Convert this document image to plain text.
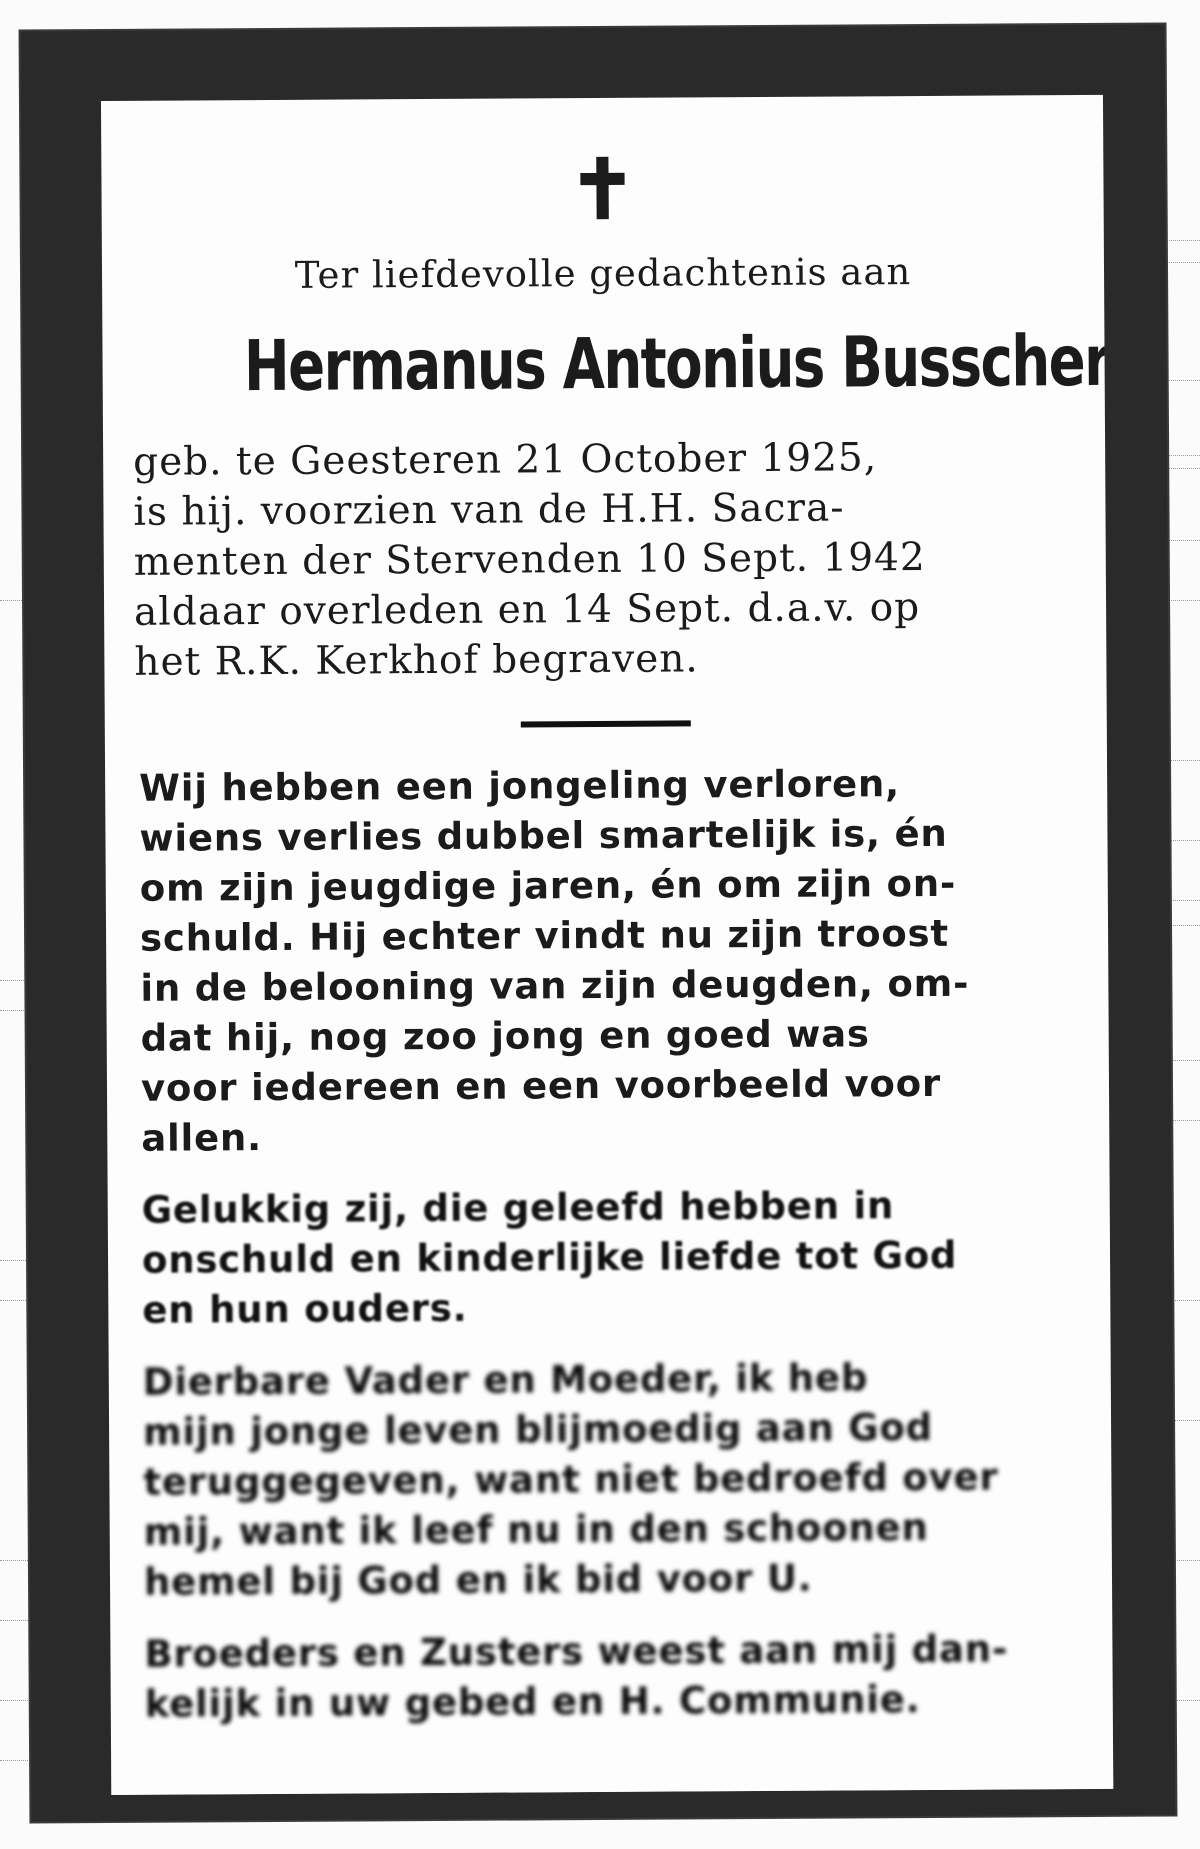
✝
Ter liefdevolle gedachtenis aan
Hermanus Antonius Busscher
geb. te Geesteren 21 October 1925,
is hij. voorzien van de H.H. Sacra-
menten der Stervenden 10 Sept. 1942
aldaar overleden en 14 Sept. d.a.v. op
het R.K. Kerkhof begraven.
Wij hebben een jongeling verloren,
wiens verlies dubbel smartelijk is, én
om zijn jeugdige jaren, én om zijn on-
schuld. Hij echter vindt nu zijn troost
in de belooning van zijn deugden, om-
dat hij, nog zoo jong en goed was
voor iedereen en een voorbeeld voor
allen.
Gelukkig zij, die geleefd hebben in
onschuld en kinderlijke liefde tot God
en hun ouders.
Dierbare Vader en Moeder, ik heb
mijn jonge leven blijmoedig aan God
teruggegeven, want niet bedroefd over
mij, want ik leef nu in den schoonen
hemel bij God en ik bid voor U.
Broeders en Zusters weest aan mij dan-
kelijk in uw gebed en H. Communie.
